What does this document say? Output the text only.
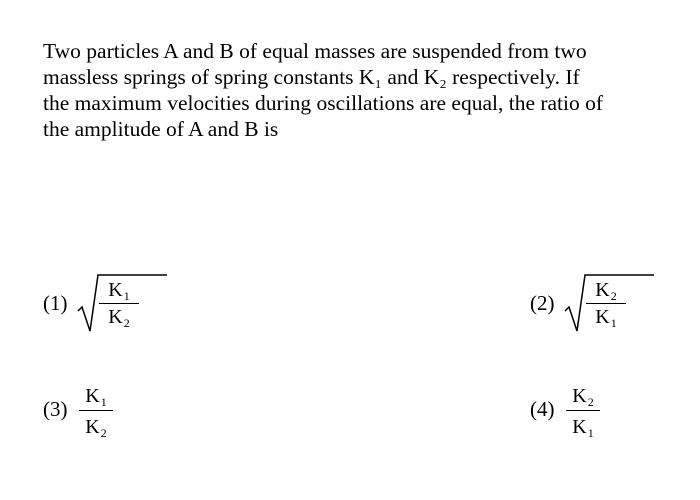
Two particles A and B of equal masses are suspended from two
massless springs of spring constants K₁ and K₂ respectively. If
the maximum velocities during oscillations are equal, the ratio of
the amplitude of A and B is
(1)
K1
K2
(2)
K2
K1
(3)
K1
K2
(4)
K2
K1
